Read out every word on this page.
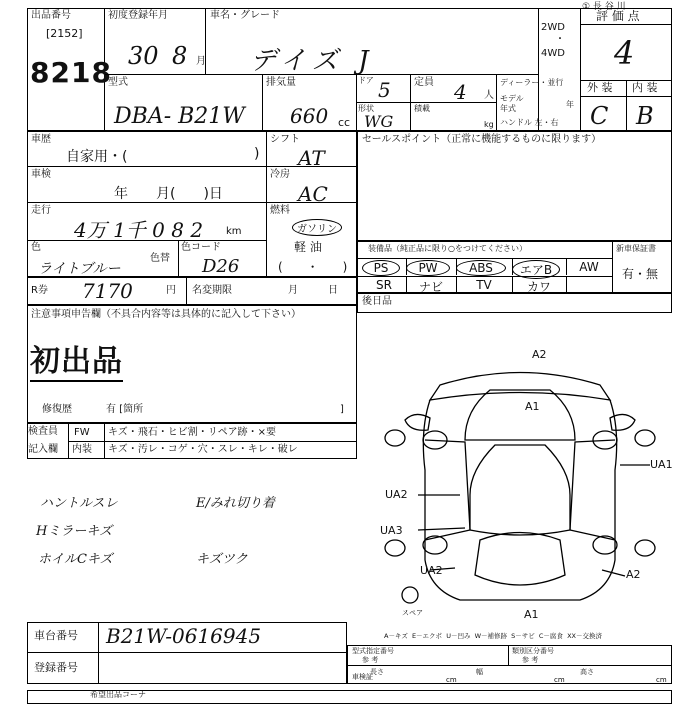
出品番号
[2152]
8218
初度登録年月
30 8 月
車名・グレード
デイズ J
2WD
・
4WD
① 長 谷 川
評 価 点
4
外 装 内 装
C B
型式
DBA- B21W
排気量
660 cc
ドア 5 定員 4 人
形状
WG
積載
kg
ディーラー・並行
モデル年式	年
ハンドル 左・右
車歴
自家用・(	)
車検
年　　月(　　)日
走行
4万 1千 0 8 2 km
色
ライトブルー
色替
色コード
D26
シフト
AT
冷房
AC
燃料
ガソリン
軽 油
(　　・　　)
R券 7170	円 名変期限	月　　　日
注意事項申告欄（不具合内容等は具体的に記入して下さい）
初出品
修復歴	有 [箇所	]
検査員
記入欄
FW キズ・飛石・ヒビ割・リペア跡・×要
内装 キズ・汚レ・コゲ・穴・スレ・キレ・破レ
ハントルスレ	E/みれ切り着
Hミラーキズ
ホイルCキズ	キズツク
セールスポイント（正常に機能するものに限ります）
装備品（純正品に限り○をつけてください）	新車保証書
有・無
PS	PW	ABS	エアB	AW
SR	ナビ	TV	カワ
後日品
A2
A1
UA1
UA2
UA3
UA2	A2
A1
スペア
A－キズ  E－エクボ  U－凹み  W－補修跡  S－サビ  C－腐食  XX－交換済
車台番号 B21W-0616945
登録番号
型式指定番号
参 考
類別区分番号
参 考
長さ	幅	高さ
cm	cm	cm
車検証
希望出品コーナ
